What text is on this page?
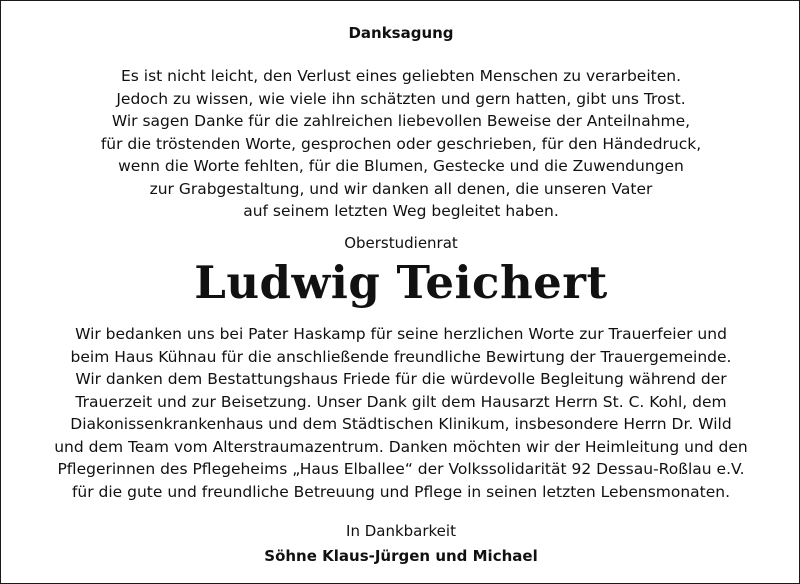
Danksagung

Es ist nicht leicht, den Verlust eines geliebten Menschen zu verarbeiten.
Jedoch zu wissen, wie viele ihn schätzten und gern hatten, gibt uns Trost.
Wir sagen Danke für die zahlreichen liebevollen Beweise der Anteilnahme,
für die tröstenden Worte, gesprochen oder geschrieben, für den Händedruck,
wenn die Worte fehlten, für die Blumen, Gestecke und die Zuwendungen
zur Grabgestaltung, und wir danken all denen, die unseren Vater
auf seinem letzten Weg begleitet haben.

Oberstudienrat

Ludwig Teichert

Wir bedanken uns bei Pater Haskamp für seine herzlichen Worte zur Trauerfeier und
beim Haus Kühnau für die anschließende freundliche Bewirtung der Trauergemeinde.
Wir danken dem Bestattungshaus Friede für die würdevolle Begleitung während der
Trauerzeit und zur Beisetzung. Unser Dank gilt dem Hausarzt Herrn St. C. Kohl, dem
Diakonissenkrankenhaus und dem Städtischen Klinikum, insbesondere Herrn Dr. Wild
und dem Team vom Alterstraumazentrum. Danken möchten wir der Heimleitung und den
Pflegerinnen des Pflegeheims „Haus Elballee“ der Volkssolidarität 92 Dessau-Roßlau e.V.
für die gute und freundliche Betreuung und Pflege in seinen letzten Lebensmonaten.

In Dankbarkeit

Söhne Klaus-Jürgen und Michael
